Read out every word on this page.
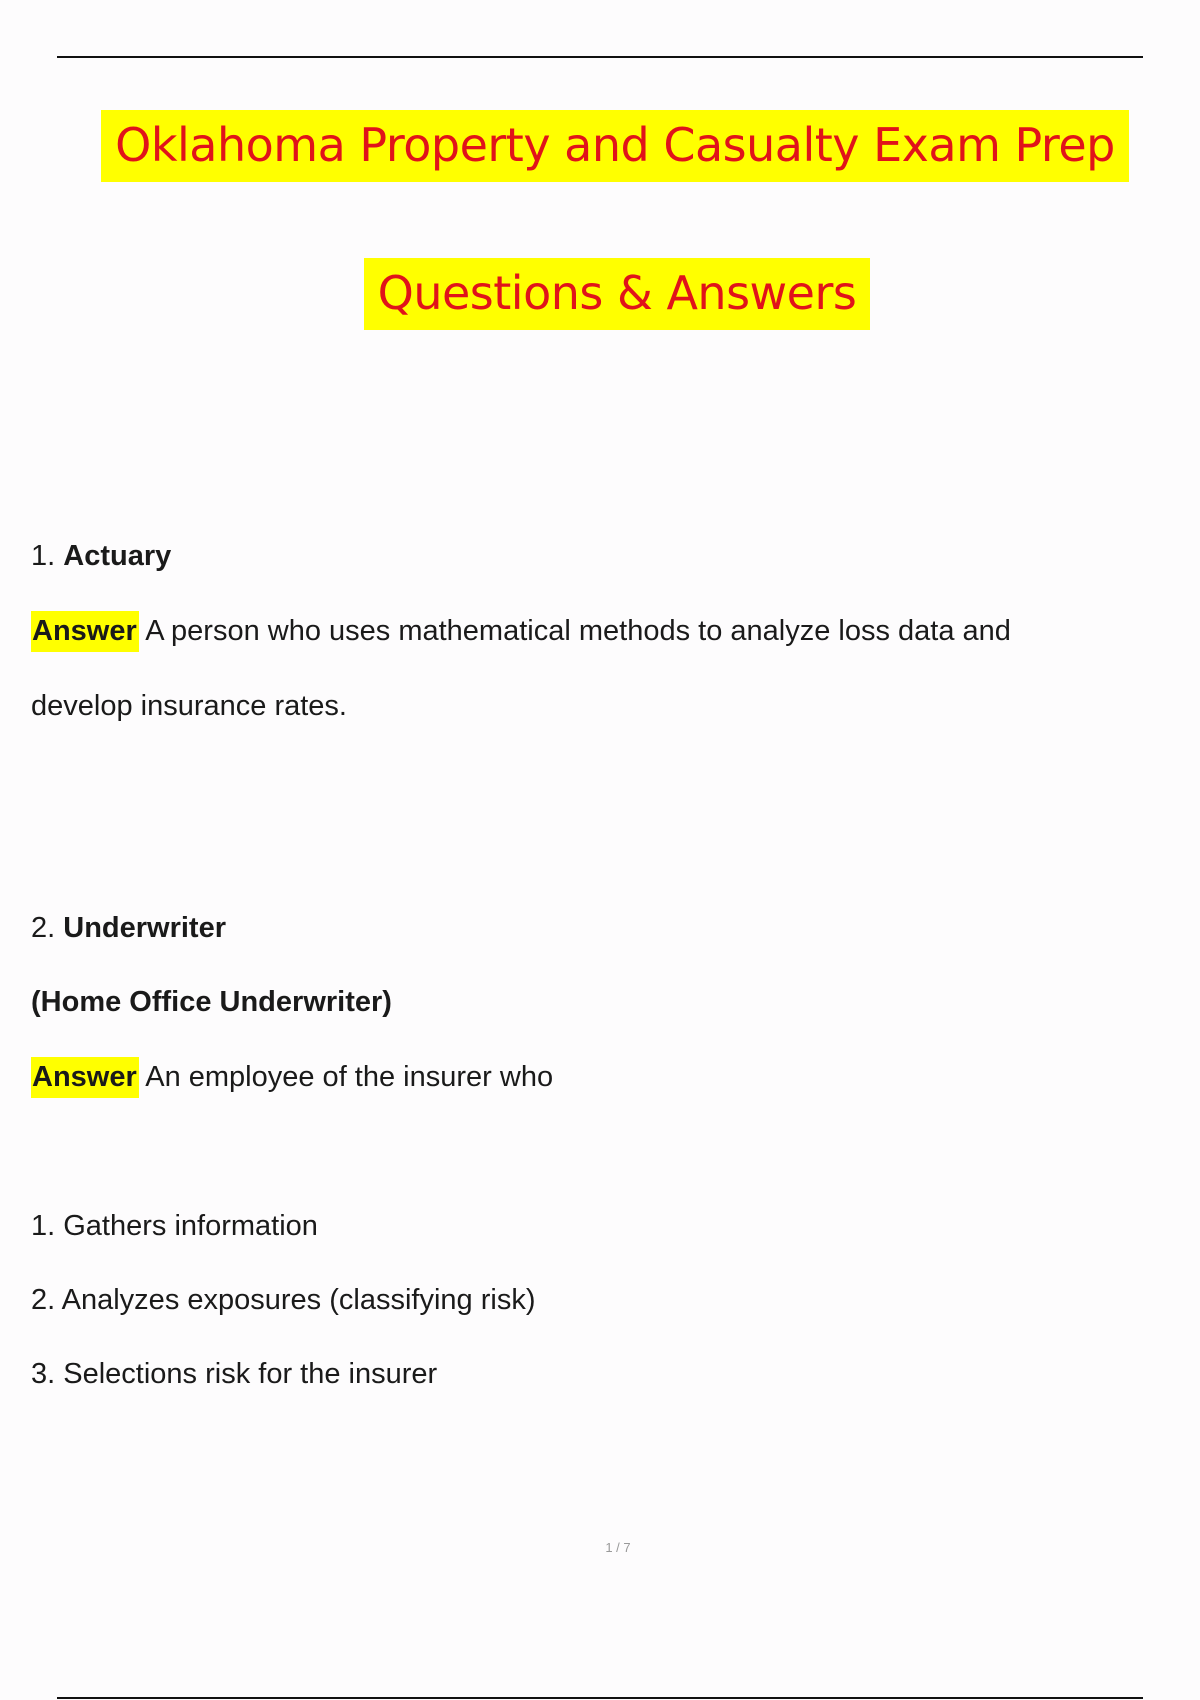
Oklahoma Property and Casualty Exam Prep
Questions & Answers
1. Actuary
Answer A person who uses mathematical methods to analyze loss data and
develop insurance rates.
2. Underwriter
(Home Office Underwriter)
Answer An employee of the insurer who
1. Gathers information
2. Analyzes exposures (classifying risk)
3. Selections risk for the insurer
1 / 7
